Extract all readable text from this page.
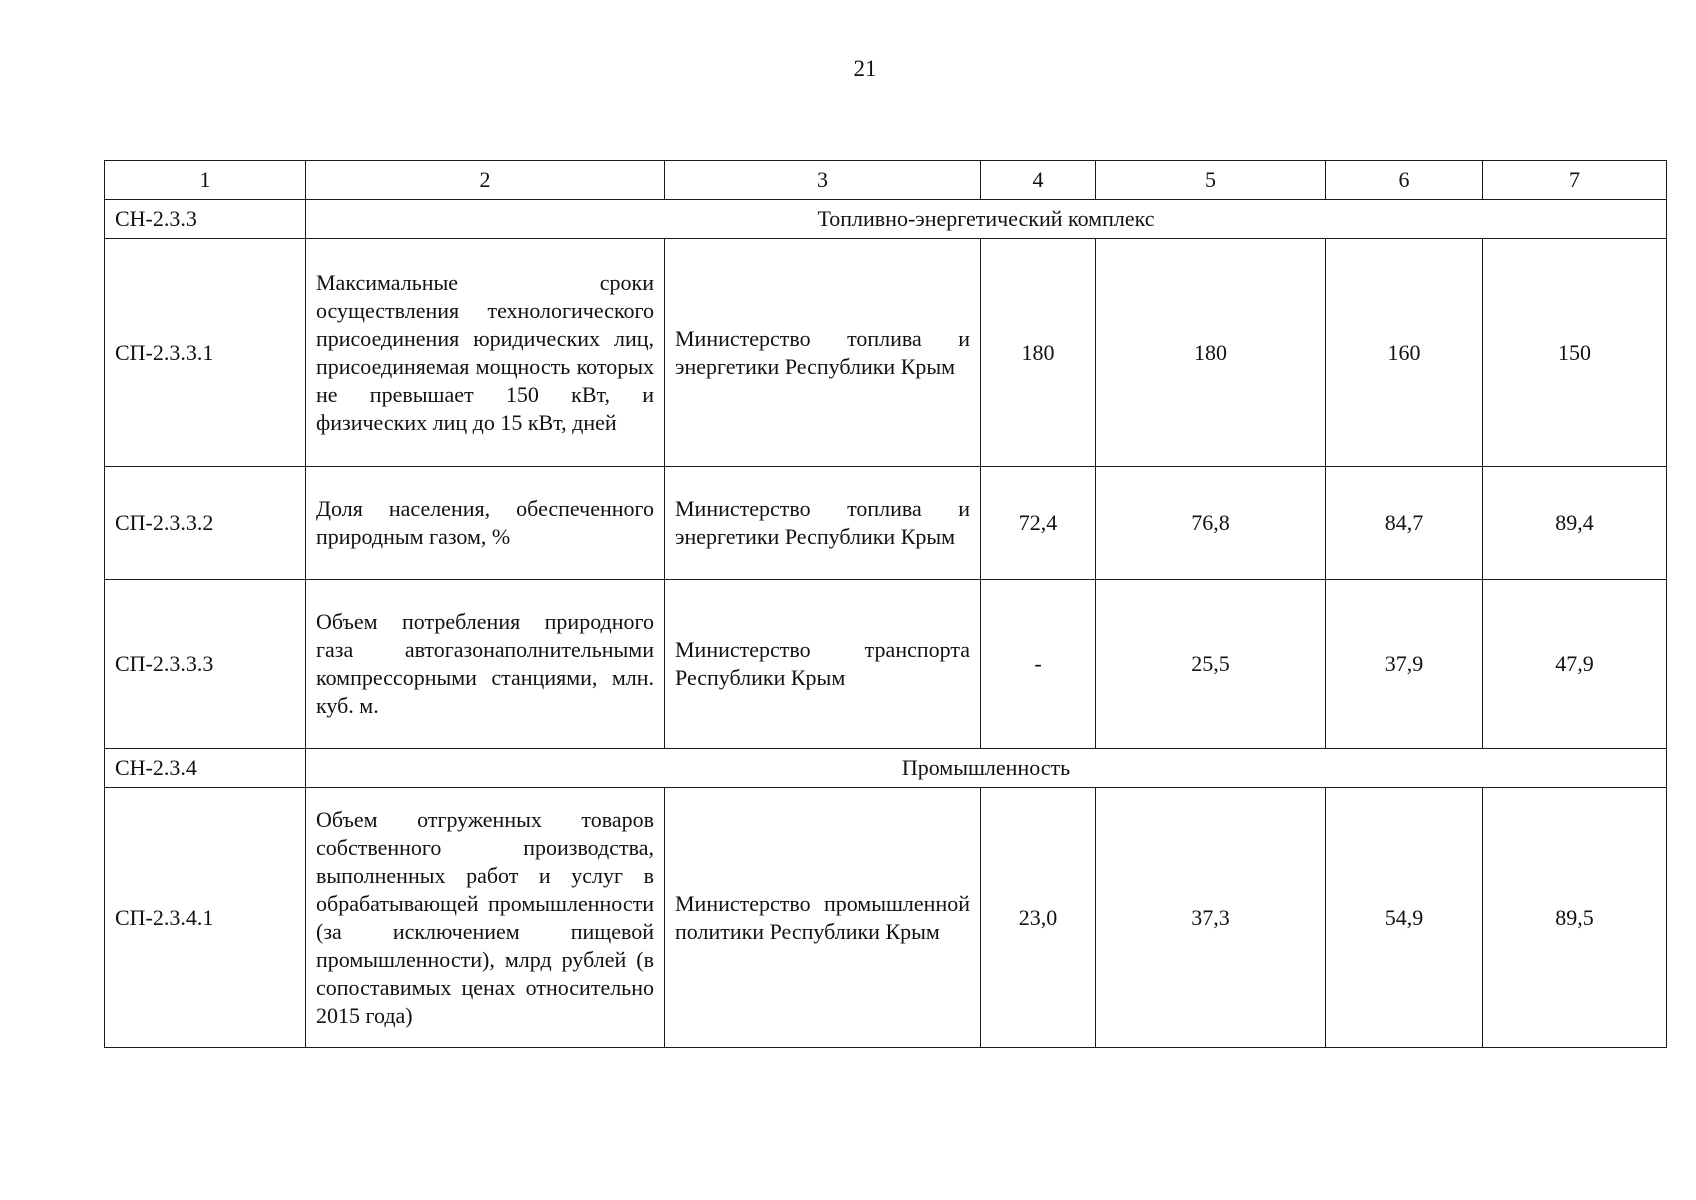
21
1	2	3	4	5	6	7
СН-2.3.3	Топливно-энергетический комплекс					
СП-2.3.3.1	Максимальные сроки осуществления технологического присоединения юридических лиц, присоединяемая мощность которых не превышает 150 кВт, и физических лиц до 15 кВт, дней	Министерство топлива и энергетики Республики Крым	180	180	160	150
СП-2.3.3.2	Доля населения, обеспеченного природным газом, %	Министерство топлива и энергетики Республики Крым	72,4	76,8	84,7	89,4
СП-2.3.3.3	Объем потребления природного газа автогазонаполнительными компрессорными станциями, млн. куб. м.	Министерство транспорта Республики Крым	-	25,5	37,9	47,9
СН-2.3.4	Промышленность					
СП-2.3.4.1	Объем отгруженных товаров собственного производства, выполненных работ и услуг в обрабатывающей промышленности (за исключением пищевой промышленности), млрд рублей (в сопоставимых ценах относительно 2015 года)	Министерство промышленной политики Республики Крым	23,0	37,3	54,9	89,5
